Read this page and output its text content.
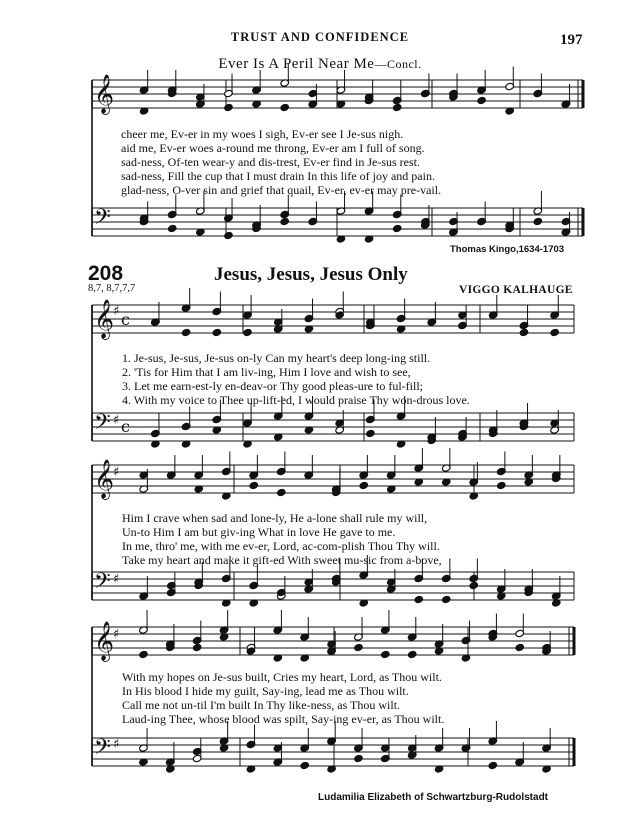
TRUST AND CONFIDENCE	197
Ever Is A Peril Near Me—Concl.
𝄞
𝄢
𝄞
𝄢
𝄞
𝄢
𝄞
𝄢
c
c
♯
♯
♯
♯
♯
♯
cheer me, Ev-er in my woes I sigh, Ev-er see I Je-sus nigh.
aid me, Ev-er woes a-round me throng, Ev-er am I full of song.
sad-ness, Of-ten wear-y and dis-trest, Ev-er find in Je-sus rest.
sad-ness, Fill the cup that I must drain In this life of joy and pain.
glad-ness, O-ver sin and grief that quail, Ev-er, ev-er may pre-vail.
Thomas Kingo,1634-1703
208	Jesus, Jesus, Jesus Only
8,7, 8,7,7,7	VIGGO KALHAUGE
1. Je-sus, Je-sus, Je-sus on-ly Can my heart's deep long-ing still.
2. 'Tis for Him that I am liv-ing, Him I love and wish to see,
3. Let me earn-est-ly en-deav-or Thy good pleas-ure to ful-fill;
4. With my voice to Thee up-lift-ed, I would praise Thy won-drous love.
Him I crave when sad and lone-ly, He a-lone shall rule my will,
Un-to Him I am but giv-ing What in love He gave to me.
In me, thro' me, with me ev-er, Lord, ac-com-plish Thou Thy will.
Take my heart and make it gift-ed With sweet mu-sic from a-bove,
With my hopes on Je-sus built, Cries my heart, Lord, as Thou wilt.
In His blood I hide my guilt, Say-ing, lead me as Thou wilt.
Call me not un-til I'm built In Thy like-ness, as Thou wilt.
Laud-ing Thee, whose blood was spilt, Say-ing ev-er, as Thou wilt.
Ludamilia Elizabeth of Schwartzburg-Rudolstadt
